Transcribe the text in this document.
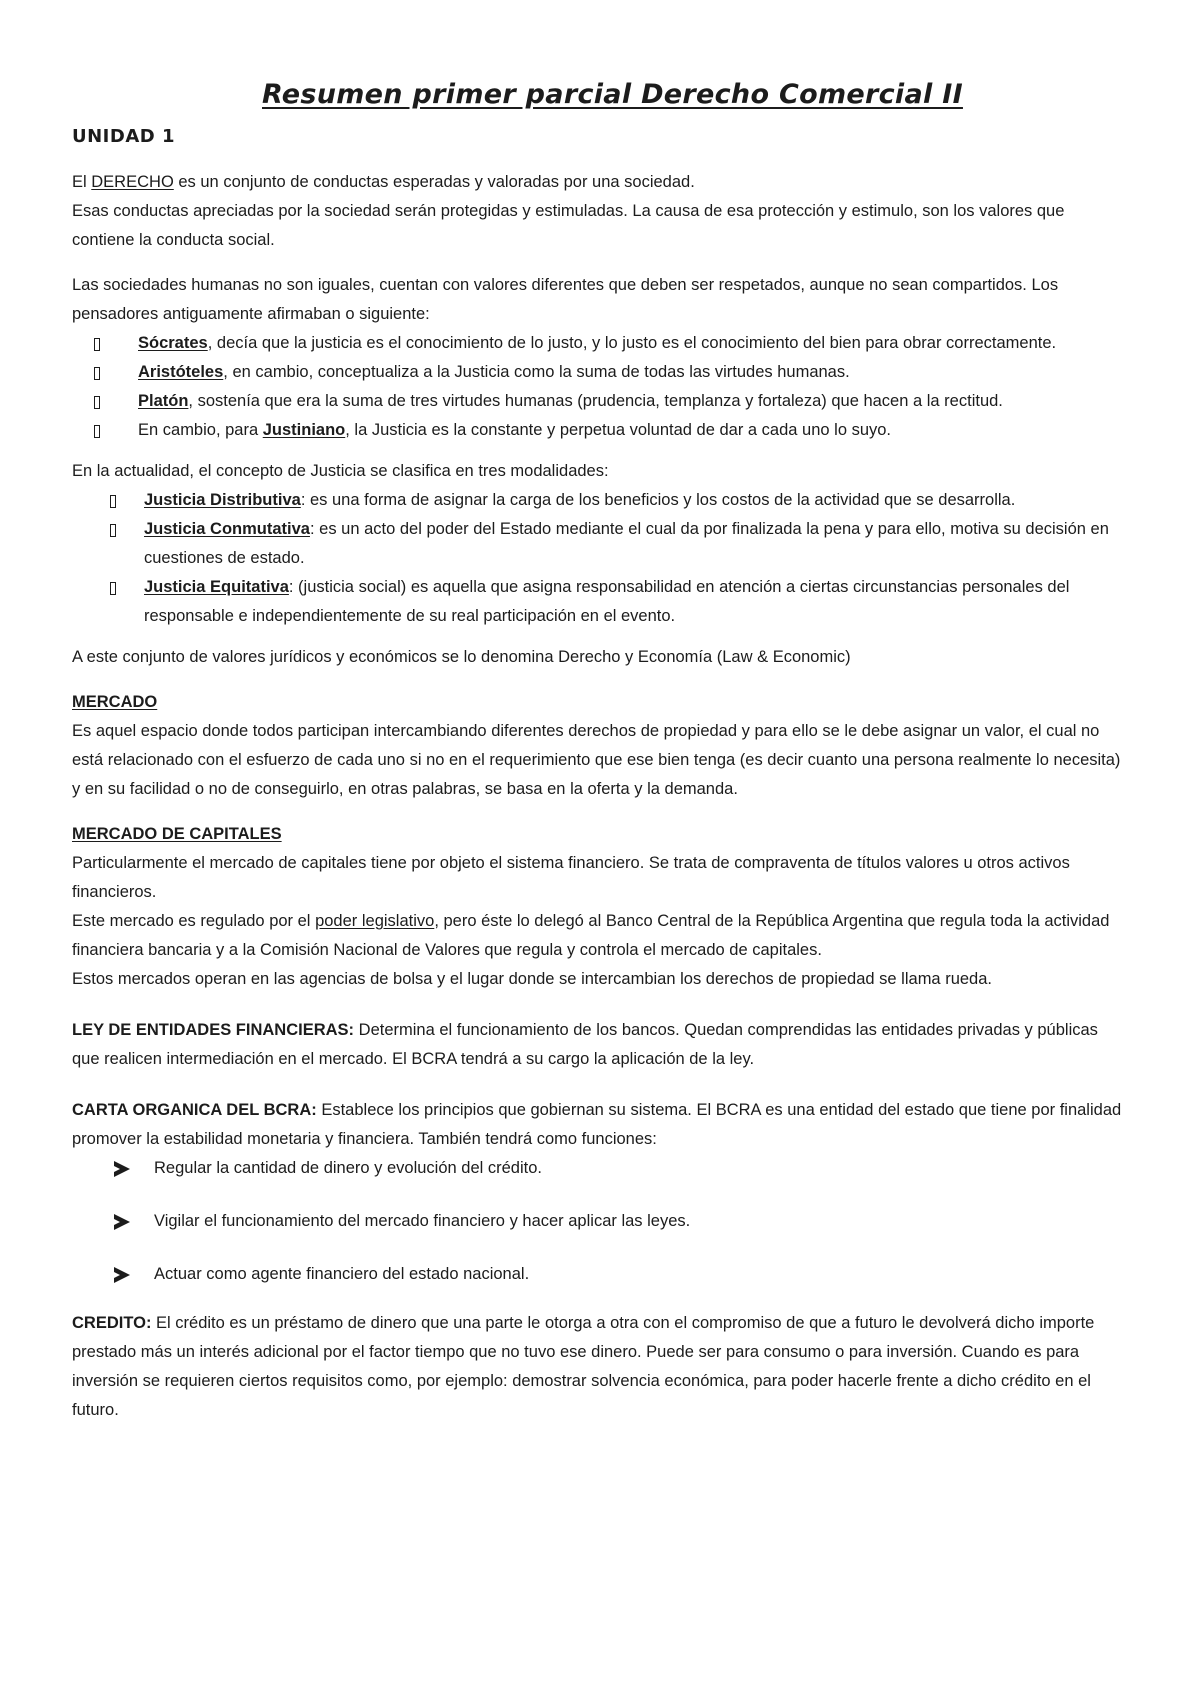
Resumen primer parcial Derecho Comercial II
UNIDAD 1

El DERECHO es un conjunto de conductas esperadas y valoradas por una sociedad.

Esas conductas apreciadas por la sociedad serán protegidas y estimuladas. La causa de esa protección y estimulo, son los valores que contiene la conducta social.

Las sociedades humanas no son iguales, cuentan con valores diferentes que deben ser respetados, aunque no sean compartidos. Los pensadores antiguamente afirmaban o siguiente:

Sócrates, decía que la justicia es el conocimiento de lo justo, y lo justo es el conocimiento del bien para obrar correctamente.
Aristóteles, en cambio, conceptualiza a la Justicia como la suma de todas las virtudes humanas.
Platón, sostenía que era la suma de tres virtudes humanas (prudencia, templanza y fortaleza) que hacen a la rectitud.
En cambio, para Justiniano, la Justicia es la constante y perpetua voluntad de dar a cada uno lo suyo.

En la actualidad, el concepto de Justicia se clasifica en tres modalidades:

Justicia Distributiva: es una forma de asignar la carga de los beneficios y los costos de la actividad que se desarrolla.
Justicia Conmutativa: es un acto del poder del Estado mediante el cual da por finalizada la pena y para ello, motiva su decisión en cuestiones de estado.
Justicia Equitativa: (justicia social) es aquella que asigna responsabilidad en atención a ciertas circunstancias personales del responsable e independientemente de su real participación en el evento.

A este conjunto de valores jurídicos y económicos se lo denomina Derecho y Economía (Law & Economic)

MERCADO

Es aquel espacio donde todos participan intercambiando diferentes derechos de propiedad y para ello se le debe asignar un valor, el cual no está relacionado con el esfuerzo de cada uno si no en el requerimiento que ese bien tenga (es decir cuanto una persona realmente lo necesita) y en su facilidad o no de conseguirlo, en otras palabras, se basa en la oferta y la demanda.

MERCADO DE CAPITALES

Particularmente el mercado de capitales tiene por objeto el sistema financiero. Se trata de compraventa de títulos valores u otros activos financieros.

Este mercado es regulado por el poder legislativo, pero éste lo delegó al Banco Central de la República Argentina que regula toda la actividad financiera bancaria y a la Comisión Nacional de Valores que regula y controla el mercado de capitales.

Estos mercados operan en las agencias de bolsa y el lugar donde se intercambian los derechos de propiedad se llama rueda.

LEY DE ENTIDADES FINANCIERAS: Determina el funcionamiento de los bancos. Quedan comprendidas las entidades privadas y públicas que realicen intermediación en el mercado. El BCRA tendrá a su cargo la aplicación de la ley.

CARTA ORGANICA DEL BCRA: Establece los principios que gobiernan su sistema. El BCRA es una entidad del estado que tiene por finalidad promover la estabilidad monetaria y financiera. También tendrá como funciones:

Regular la cantidad de dinero y evolución del crédito.
Vigilar el funcionamiento del mercado financiero y hacer aplicar las leyes.
Actuar como agente financiero del estado nacional.

CREDITO: El crédito es un préstamo de dinero que una parte le otorga a otra con el compromiso de que a futuro le devolverá dicho importe prestado más un interés adicional por el factor tiempo que no tuvo ese dinero. Puede ser para consumo o para inversión. Cuando es para inversión se requieren ciertos requisitos como, por ejemplo: demostrar solvencia económica, para poder hacerle frente a dicho crédito en el futuro.
